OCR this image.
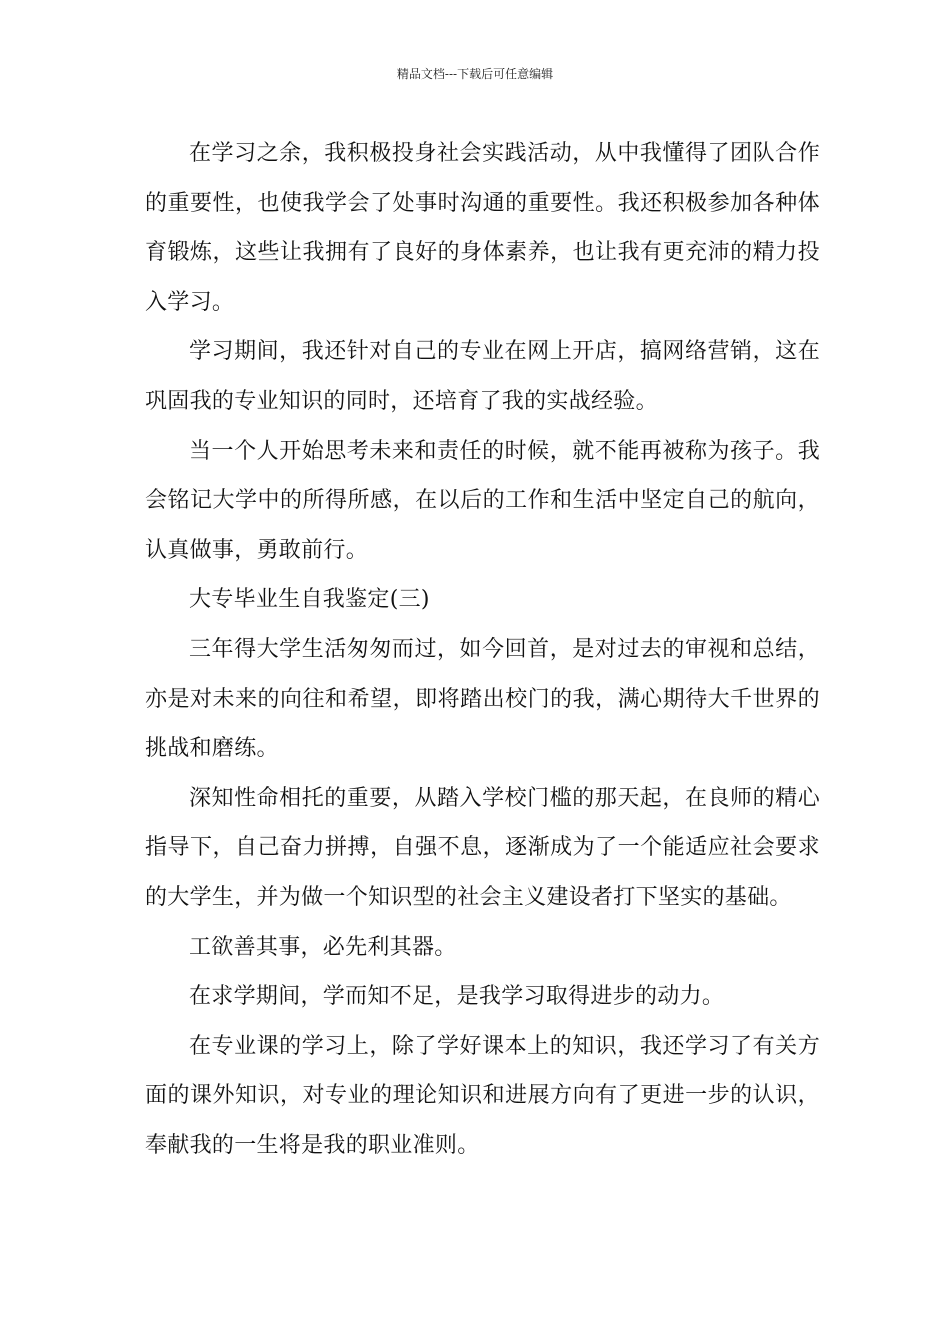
精品文档---下载后可任意编辑

在学习之余，我积极投身社会实践活动，从中我懂得了团队合作的重要性，也使我学会了处事时沟通的重要性。我还积极参加各种体育锻炼，这些让我拥有了良好的身体素养，也让我有更充沛的精力投入学习。

学习期间，我还针对自己的专业在网上开店，搞网络营销，这在巩固我的专业知识的同时，还培育了我的实战经验。

当一个人开始思考未来和责任的时候，就不能再被称为孩子。我会铭记大学中的所得所感，在以后的工作和生活中坚定自己的航向，认真做事，勇敢前行。

大专毕业生自我鉴定(三)

三年得大学生活匆匆而过，如今回首，是对过去的审视和总结，亦是对未来的向往和希望，即将踏出校门的我，满心期待大千世界的挑战和磨练。

深知性命相托的重要，从踏入学校门槛的那天起，在良师的精心指导下，自己奋力拼搏，自强不息，逐渐成为了一个能适应社会要求的大学生，并为做一个知识型的社会主义建设者打下坚实的基础。

工欲善其事，必先利其器。

在求学期间，学而知不足，是我学习取得进步的动力。

在专业课的学习上，除了学好课本上的知识，我还学习了有关方面的课外知识，对专业的理论知识和进展方向有了更进一步的认识，奉献我的一生将是我的职业准则。
